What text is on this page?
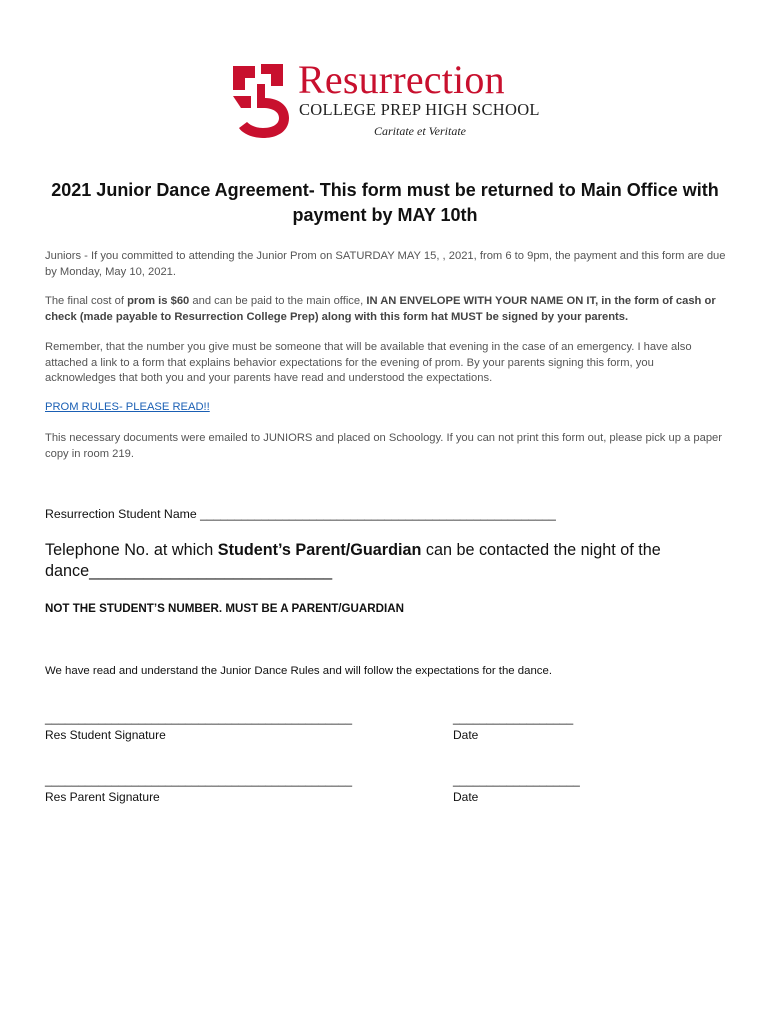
Resurrection
COLLEGE PREP HIGH SCHOOL
Caritate et Veritate
2021 Junior Dance Agreement- This form must be returned to Main Office with payment by MAY 10th

Juniors - If you committed to attending the Junior Prom on SATURDAY MAY 15, , 2021, from 6 to 9pm, the payment and this form are due by Monday, May 10, 2021.

The final cost of prom is $60 and can be paid to the main office, IN AN ENVELOPE WITH YOUR NAME ON IT, in the form of cash or check (made payable to Resurrection College Prep) along with this form hat MUST be signed by your parents.

Remember, that the number you give must be someone that will be available that evening in the case of an emergency. I have also attached a link to a form that explains behavior expectations for the evening of prom. By your parents signing this form, you acknowledges that both you and your parents have read and understood the expectations.

PROM RULES- PLEASE READ!!

This necessary documents were emailed to JUNIORS and placed on Schoology. If you can not print this form out, please pick up a paper copy in room 219.

Resurrection Student Name ____________________________________________________

Telephone No. at which Student’s Parent/Guardian can be contacted the night of the dance___________________________

NOT THE STUDENT’S NUMBER. MUST BE A PARENT/GUARDIAN
We have read and understand the Junior Dance Rules and will follow the expectations for the dance.
______________________________________________
Res Student Signature
__________________
Date
______________________________________________
Res Parent Signature
___________________
Date
